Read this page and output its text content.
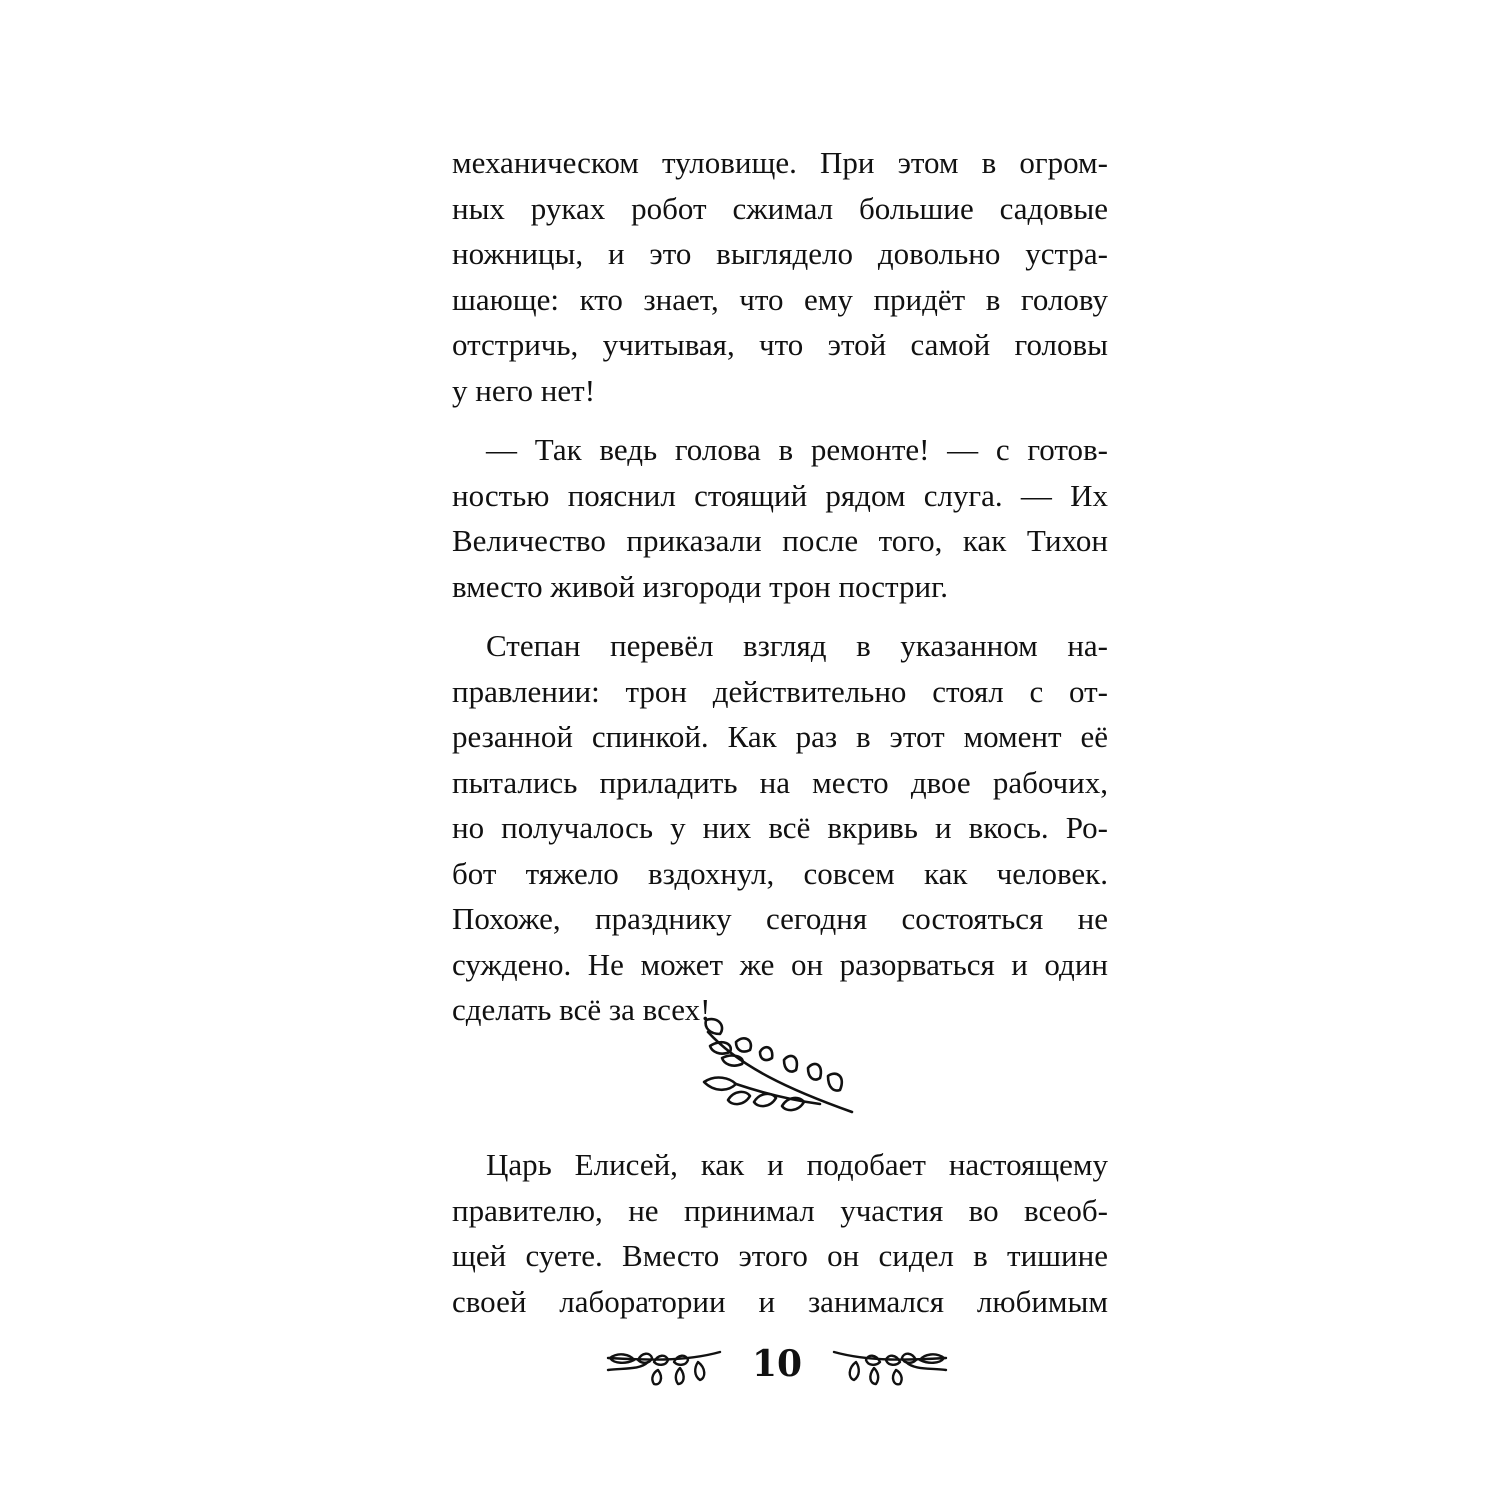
механическом туловище. При этом в огром-
ных руках робот сжимал большие садовые
ножницы, и это выглядело довольно устра-
шающе: кто знает, что ему придёт в голову
отстричь, учитывая, что этой самой головы
у него нет!
— Так ведь голова в ремонте! — с готов-
ностью пояснил стоящий рядом слуга. — Их
Величество приказали после того, как Тихон
вместо живой изгороди трон постриг.
Степан перевёл взгляд в указанном на-
правлении: трон действительно стоял с от-
резанной спинкой. Как раз в этот момент её
пытались приладить на место двое рабочих,
но получалось у них всё вкривь и вкось. Ро-
бот тяжело вздохнул, совсем как человек.
Похоже, празднику сегодня состояться не
суждено. Не может же он разорваться и один
сделать всё за всех!
Царь Елисей, как и подобает настоящему
правителю, не принимал участия во всеоб-
щей суете. Вместо этого он сидел в тишине
своей лаборатории и занимался любимым
10
